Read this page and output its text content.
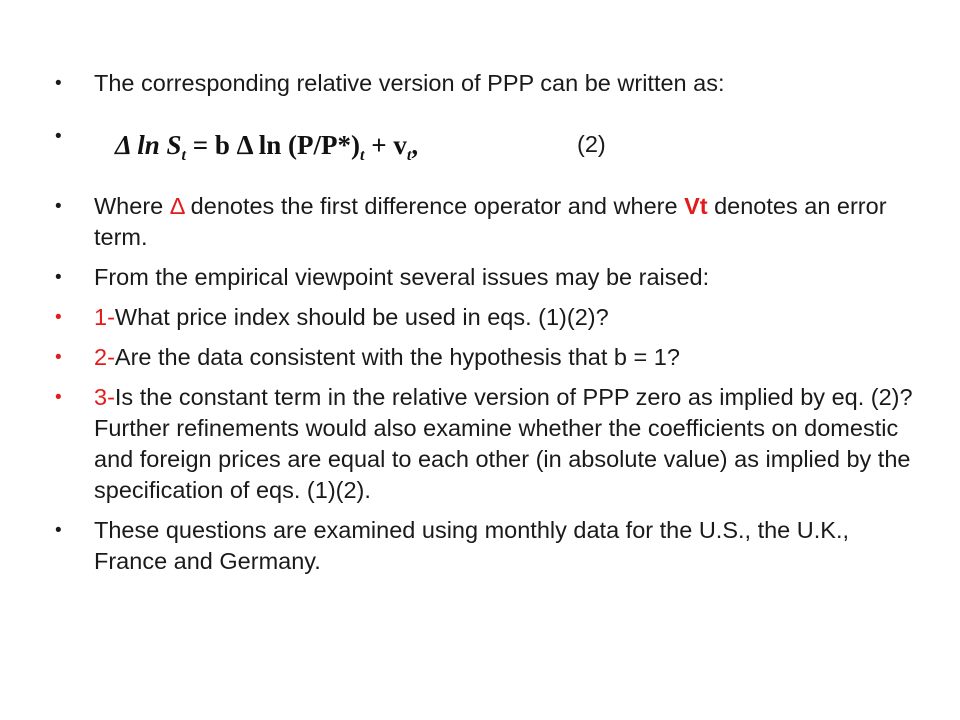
•	The corresponding relative version of PPP can be written as:
•	Δ $\ln S_t = b$ Δ $\ln (P/P*)_t + v_t$,	(2)
•	Where Δ denotes the first difference operator and where Vt denotes an error term.
•	From the empirical viewpoint several issues may be raised:
•	1-What price index should be used in eqs. (1)(2)?
•	2-Are the data consistent with the hypothesis that b = 1?
•	3-Is the constant term in the relative version of PPP zero as implied by eq. (2)? Further refinements would also examine whether the coefficients on domestic and foreign prices are equal to each other (in absolute value) as implied by the specification of eqs. (1)(2).
•	These questions are examined using monthly data for the U.S., the U.K., France and Germany.
